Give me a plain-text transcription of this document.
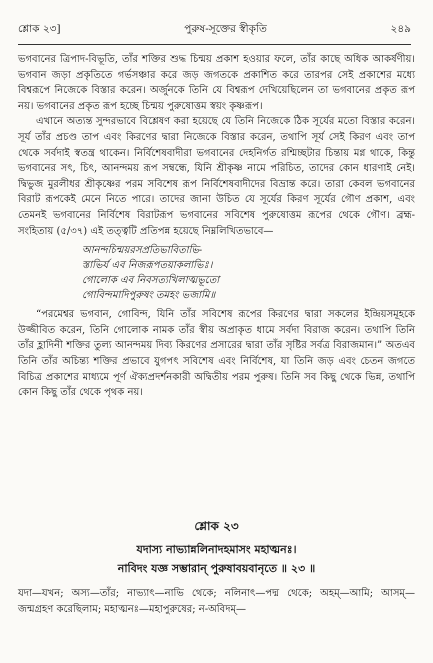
শ্লোক ২৩]	পুরুষ-সূক্তের স্বীকৃতি	২৪৯

ভগবানের ত্রিপাদ-বিভূতি, তাঁর শক্তির শুদ্ধ চিন্ময় প্রকাশ হওয়ার ফলে, তাঁর কাছে অধিক আকর্ষণীয়। ভগবান জড়া প্রকৃতিতে গর্ভসঞ্চার করে জড় জগতকে প্রকাশিত করে তারপর সেই প্রকাশের মধ্যে বিশ্বরূপে নিজেকে বিস্তার করেন। অর্জুনকে তিনি যে বিশ্বরূপ দেখিয়েছিলেন তা ভগবানের প্রকৃত রূপ নয়। ভগবানের প্রকৃত রূপ হচ্ছে চিন্ময় পুরুষোত্তম স্বয়ং কৃষ্ণরূপ।

এখানে অত্যন্ত সুন্দরভাবে বিশ্লেষণ করা হয়েছে যে তিনি নিজেকে ঠিক সূর্যের মতো বিস্তার করেন। সূর্য তাঁর প্রচণ্ড তাপ এবং কিরণের দ্বারা নিজেকে বিস্তার করেন, তথাপি সূর্য সেই কিরণ এবং তাপ থেকে সর্বদাই স্বতন্ত্র থাকেন। নির্বিশেষবাদীরা ভগবানের দেহনির্গত রশ্মিচ্ছটার চিন্তায় মগ্ন থাকে, কিন্তু ভগবানের সৎ, চিৎ, আনন্দময় রূপ সম্বন্ধে, যিনি শ্রীকৃষ্ণ নামে পরিচিত, তাদের কোন ধারণাই নেই। দ্বিভুজ মুরলীধর শ্রীকৃষ্ণের পরম সবিশেষ রূপ নির্বিশেষবাদীদের বিভ্রান্ত করে। তারা কেবল ভগবানের বিরাট রূপকেই মেনে নিতে পারে। তাদের জানা উচিত যে সূর্যের কিরণ সূর্যের গৌণ প্রকাশ, এবং তেমনই ভগবানের নির্বিশেষ বিরাটরূপ ভগবানের সবিশেষ পুরুষোত্তম রূপের থেকে গৌণ। ব্রহ্ম-সংহিতায় (৫/৩৭) এই তত্ত্বটি প্রতিপন্ন হয়েছে নিম্নলিখিতভাবে—

আনন্দচিন্ময়রসপ্রতিভাবিতাভি-
স্তাভির্য এব নিজরূপতয়াকলাভিঃ।
গোলোক এব নিবসত্যখিলাত্মভূতো
গোবিন্দমাদিপুরুষং তমহং ভজামি॥

“পরমেশ্বর ভগবান, গোবিন্দ, যিনি তাঁর সবিশেষ রূপের কিরণের দ্বারা সকলের ইন্দ্রিয়সমূহকে উজ্জীবিত করেন, তিনি গোলোক নামক তাঁর স্বীয় অপ্রাকৃত ধামে সর্বদা বিরাজ করেন। তথাপি তিনি তাঁর হ্লাদিনী শক্তির তুল্য আনন্দময় দিব্য কিরণের প্রসারের দ্বারা তাঁর সৃষ্টির সর্বত্র বিরাজমান।” অতএব তিনি তাঁর অচিন্ত্য শক্তির প্রভাবে যুগপৎ সবিশেষ এবং নির্বিশেষ, যা তিনি জড় এবং চেতন জগতে বিচিত্র প্রকাশের মাধ্যমে পূর্ণ ঐক্যপ্রদর্শনকারী অদ্বিতীয় পরম পুরুষ। তিনি সব কিছু থেকে ভিন্ন, তথাপি কোন কিছু তাঁর থেকে পৃথক নয়।

শ্লোক ২৩
যদাস্য নাভ্যান্নলিনাদহমাসং মহাত্মনঃ।
নাবিদং যজ্ঞ সম্ভারান্ পুরুষাবয়বানৃতে ॥ ২৩ ॥
যদা—যখন; অস্য—তাঁর; নাভ্যাৎ—নাভি থেকে; নলিনাৎ—পদ্ম থেকে; অহম্—আমি; আসম্—জন্মগ্রহণ করেছিলাম; মহাত্মনঃ—মহাপুরুষের; ন-অবিদম্—
